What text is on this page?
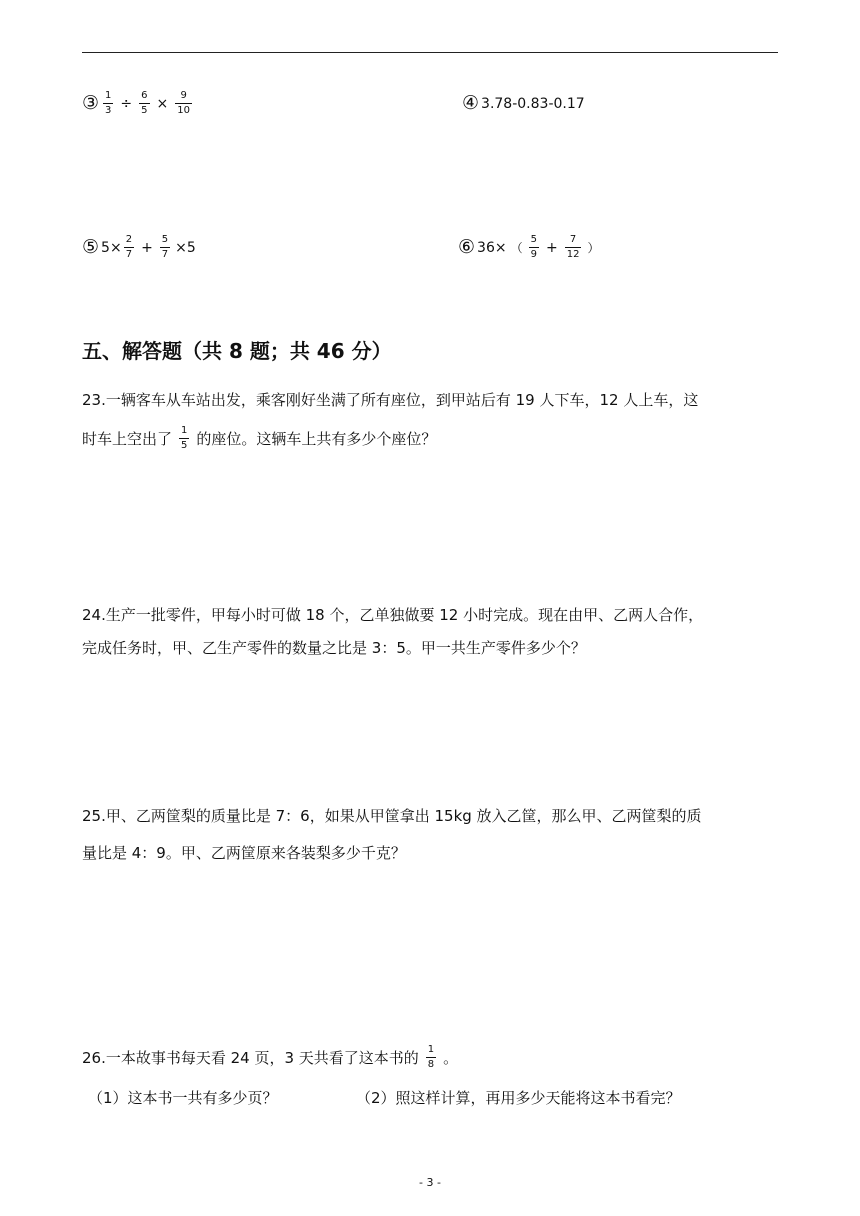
③ $\frac{1}{3} \div \frac{6}{5} \times \frac{9}{10}$	④ 3.78-0.83-0.17
⑤ $5\times \frac{2}{7} + \frac{5}{7} \times 5$	⑥ 36× （ $\frac{5}{9} + \frac{7}{12}$ ）
五、解答题（共 8 题；共 46 分）
23.一辆客车从车站出发，乘客刚好坐满了所有座位，到甲站后有 19 人下车，12 人上车，这
时车上空出了 $\frac{1}{5}$ 的座位。这辆车上共有多少个座位？
24.生产一批零件，甲每小时可做 18 个，乙单独做要 12 小时完成。现在由甲、乙两人合作，
完成任务时，甲、乙生产零件的数量之比是 3：5。甲一共生产零件多少个？
25.甲、乙两筐梨的质量比是 7：6，如果从甲筐拿出 15kg 放入乙筐，那么甲、乙两筐梨的质
量比是 4：9。甲、乙两筐原来各装梨多少千克？
26.一本故事书每天看 24 页，3 天共看了这本书的 $\frac{1}{8}$ 。
（1）这本书一共有多少页？	（2）照这样计算，再用多少天能将这本书看完？
- 3 -
